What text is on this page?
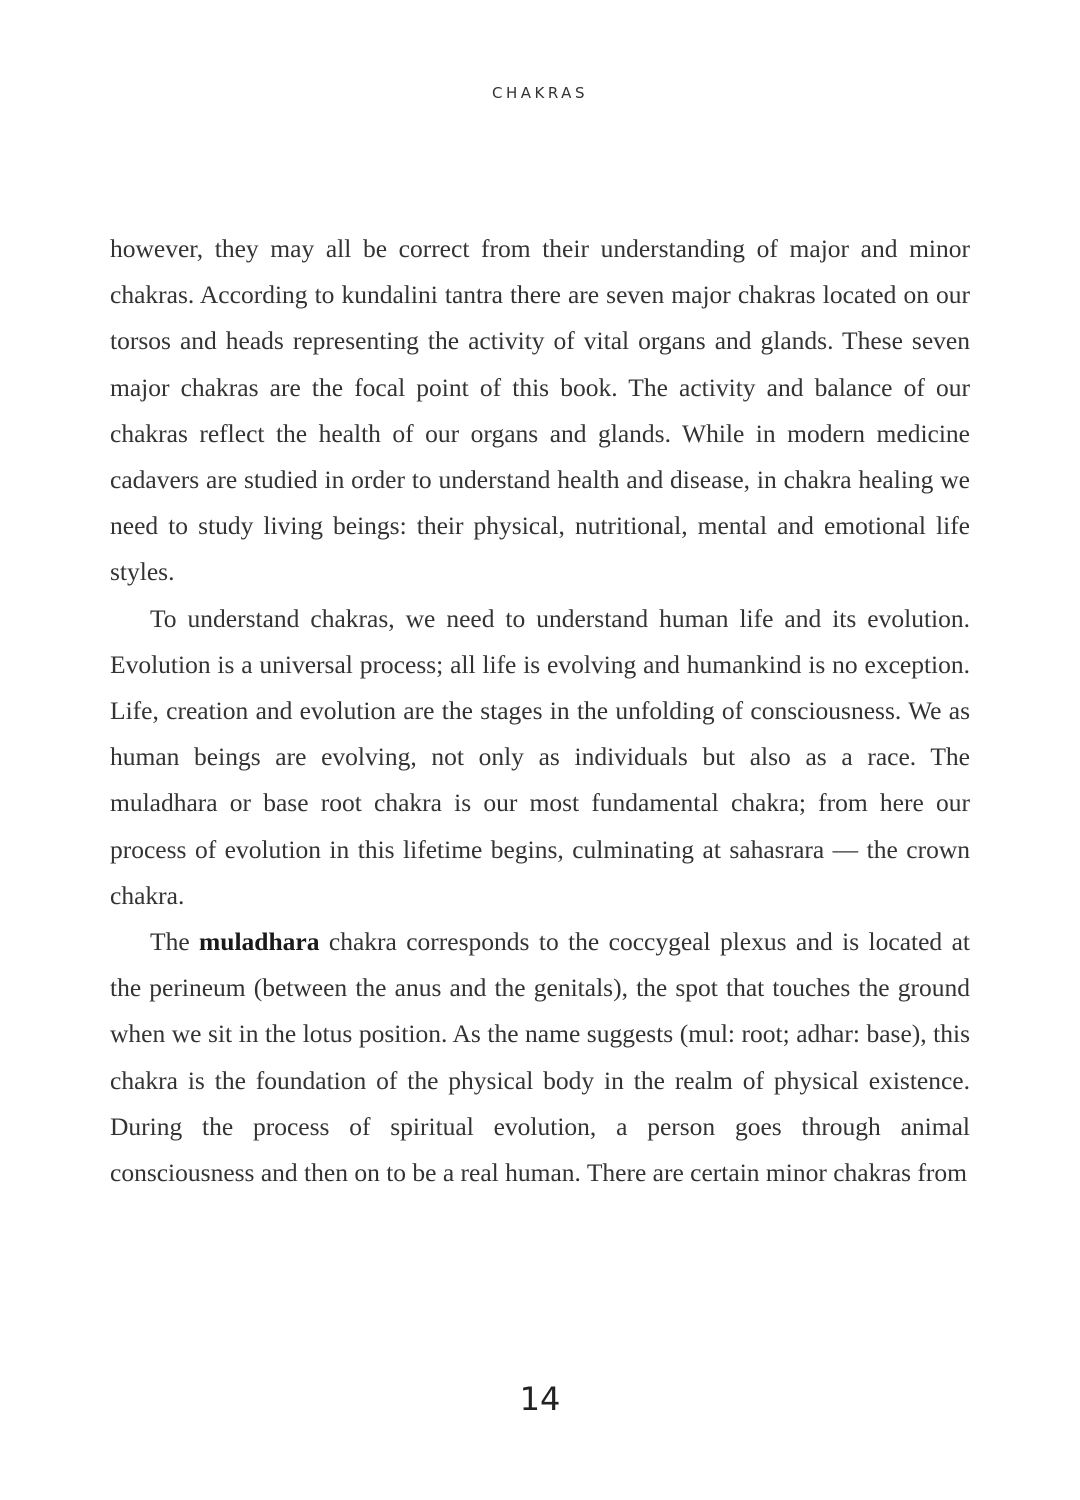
CHAKRAS

however, they may all be correct from their understanding of major and minor chakras. According to kundalini tantra there are seven major chakras located on our torsos and heads representing the activity of vital organs and glands. These seven major chakras are the focal point of this book. The activity and balance of our chakras reflect the health of our organs and glands. While in modern medicine cadavers are studied in order to understand health and disease, in chakra healing we need to study living beings: their physical, nutritional, mental and emotional life styles.

To understand chakras, we need to understand human life and its evolution. Evolution is a universal process; all life is evolving and humankind is no exception. Life, creation and evolution are the stages in the unfolding of consciousness. We as human beings are evolving, not only as individuals but also as a race. The muladhara or base root chakra is our most fundamental chakra; from here our process of evolution in this lifetime begins, culminating at sahasrara — the crown chakra.

The muladhara chakra corresponds to the coccygeal plexus and is located at the perineum (between the anus and the genitals), the spot that touches the ground when we sit in the lotus position. As the name suggests (mul: root; adhar: base), this chakra is the foundation of the physical body in the realm of physical existence. During the process of spiritual evolution, a person goes through animal consciousness and then on to be a real human. There are certain minor chakras from

14
